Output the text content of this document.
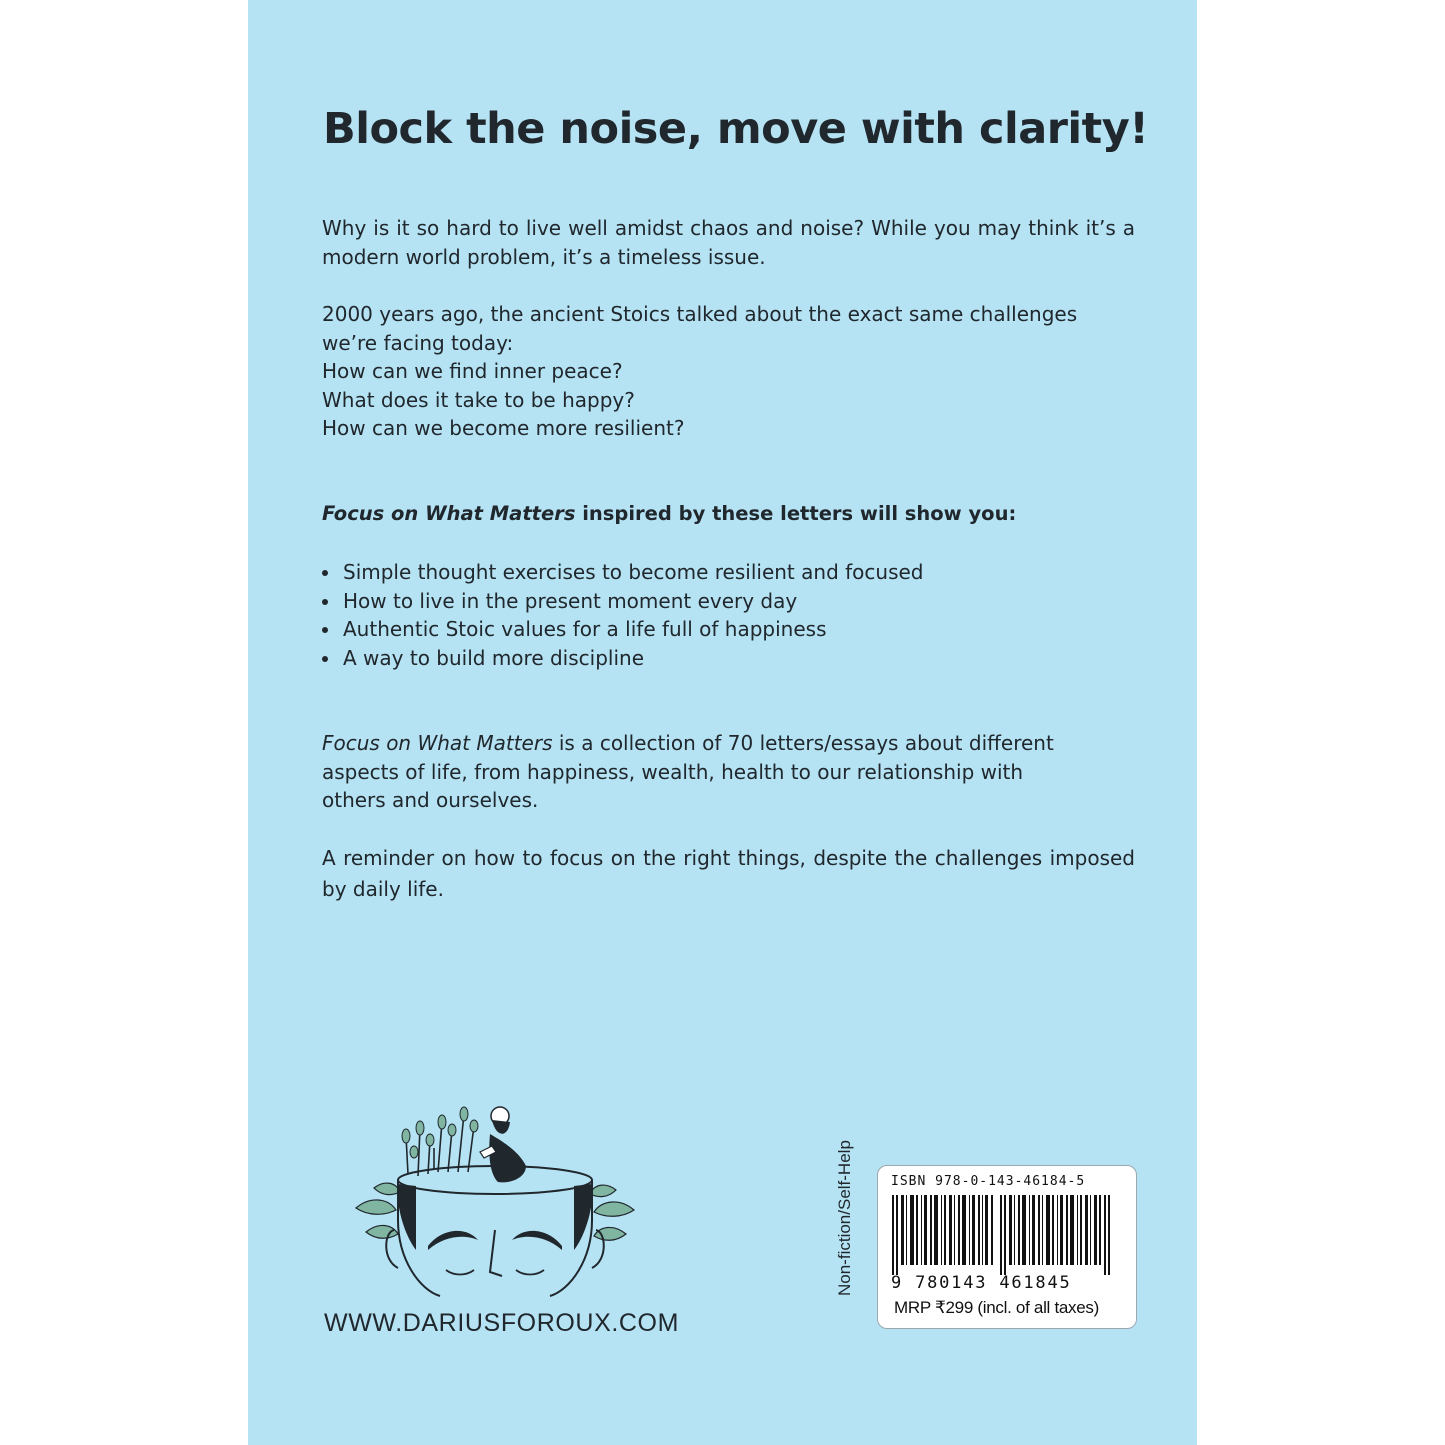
Block the noise, move with clarity!

Why is it so hard to live well amidst chaos and noise? While you may think it’s a modern world problem, it’s a timeless issue.

2000 years ago, the ancient Stoics talked about the exact same challenges

we’re facing today:

How can we find inner peace?

What does it take to be happy?

How can we become more resilient?

Focus on What Matters inspired by these letters will show you:

Simple thought exercises to become resilient and focused
How to live in the present moment every day
Authentic Stoic values for a life full of happiness
A way to build more discipline

Focus on What Matters is a collection of 70 letters/essays about different

aspects of life, from happiness, wealth, health to our relationship with

others and ourselves.

A reminder on how to focus on the right things, despite the challenges imposed by daily life.

WWW.DARIUSFOROUX.COM
Non-fiction/Self-Help	ISBN 978-0-143-46184-5
9 780143 461845
MRP ₹299 (incl. of all taxes)
